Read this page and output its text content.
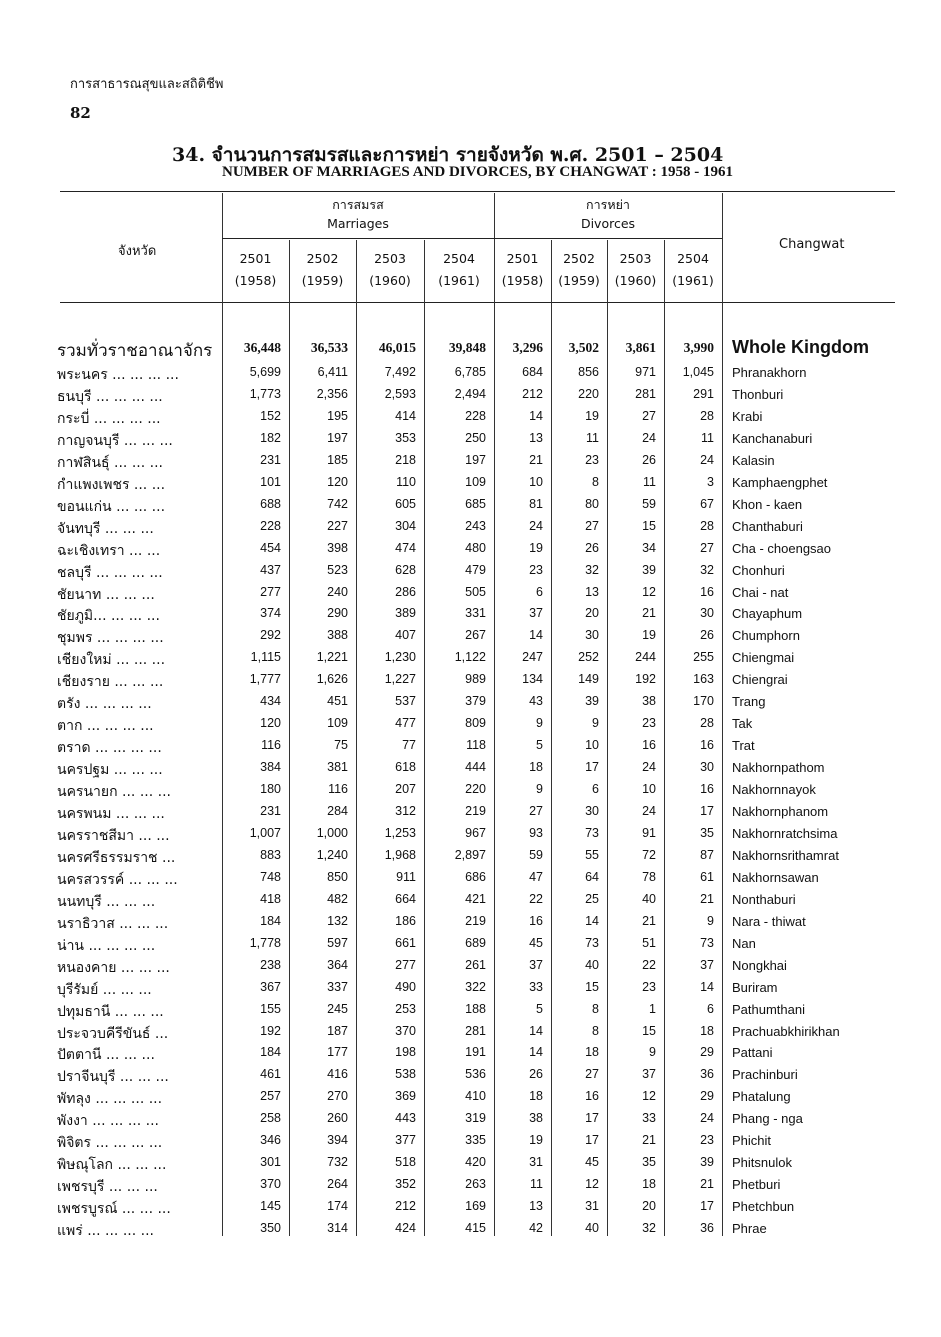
การสาธารณสุขและสถิติชีพ
82
34. จำนวนการสมรสและการหย่า รายจังหวัด พ.ศ. 2501 – 2504
NUMBER OF MARRIAGES AND DIVORCES, BY CHANGWAT : 1958 - 1961
จังหวัด	Changwat
การสมรส
Marriages
การหย่า
Divorces
2501
(1958)
2502
(1959)
2503
(1960)
2504
(1961)
2501
(1958)
2502
(1959)
2503
(1960)
2504
(1961)
รวมทั่วราชอาณาจักร	36,448	36,533	46,015	39,848	3,296	3,502	3,861	3,990 Whole Kingdom
พระนคร ... ... ... ...	5,699	6,411	7,492	6,785	684	856	971	1,045 Phranakhorn
ธนบุรี ... ... ... ...	1,773	2,356	2,593	2,494	212	220	281	291 Thonburi
กระบี่ ... ... ... ...	152	195	414	228	14	19	27	28 Krabi
กาญจนบุรี ... ... ...	182	197	353	250	13	11	24	11 Kanchanaburi
กาฬสินธุ์ ... ... ...	231	185	218	197	21	23	26	24 Kalasin
กำแพงเพชร ... ...	101	120	110	109	10	8	11	3 Kamphaengphet
ขอนแก่น ... ... ...	688	742	605	685	81	80	59	67 Khon - kaen
จันทบุรี ... ... ...	228	227	304	243	24	27	15	28 Chanthaburi
ฉะเชิงเทรา ... ...	454	398	474	480	19	26	34	27 Cha - choengsao
ชลบุรี ... ... ... ...	437	523	628	479	23	32	39	32 Chonhuri
ชัยนาท ... ... ...	277	240	286	505	6	13	12	16 Chai - nat
ชัยภูมิ... ... ... ...	374	290	389	331	37	20	21	30 Chayaphum
ชุมพร ... ... ... ...	292	388	407	267	14	30	19	26 Chumphorn
เชียงใหม่ ... ... ...	1,115	1,221	1,230	1,122	247	252	244	255 Chiengmai
เชียงราย ... ... ...	1,777	1,626	1,227	989	134	149	192	163 Chiengrai
ตรัง ... ... ... ...	434	451	537	379	43	39	38	170 Trang
ตาก ... ... ... ...	120	109	477	809	9	9	23	28 Tak
ตราด ... ... ... ...	116	75	77	118	5	10	16	16 Trat
นครปฐม ... ... ...	384	381	618	444	18	17	24	30 Nakhornpathom
นครนายก ... ... ...	180	116	207	220	9	6	10	16 Nakhornnayok
นครพนม ... ... ...	231	284	312	219	27	30	24	17 Nakhornphanom
นครราชสีมา ... ...	1,007	1,000	1,253	967	93	73	91	35 Nakhornratchsima
นครศรีธรรมราช ...	883	1,240	1,968	2,897	59	55	72	87 Nakhornsrithamrat
นครสวรรค์ ... ... ...	748	850	911	686	47	64	78	61 Nakhornsawan
นนทบุรี ... ... ...	418	482	664	421	22	25	40	21 Nonthaburi
นราธิวาส ... ... ...	184	132	186	219	16	14	21	9 Nara - thiwat
น่าน ... ... ... ...	1,778	597	661	689	45	73	51	73 Nan
หนองคาย ... ... ...	238	364	277	261	37	40	22	37 Nongkhai
บุรีรัมย์ ... ... ...	367	337	490	322	33	15	23	14 Buriram
ปทุมธานี ... ... ...	155	245	253	188	5	8	1	6 Pathumthani
ประจวบคีรีขันธ์ ...	192	187	370	281	14	8	15	18 Prachuabkhirikhan
ปัตตานี ... ... ...	184	177	198	191	14	18	9	29 Pattani
ปราจีนบุรี ... ... ...	461	416	538	536	26	27	37	36 Prachinburi
พัทลุง ... ... ... ...	257	270	369	410	18	16	12	29 Phatalung
พังงา ... ... ... ...	258	260	443	319	38	17	33	24 Phang - nga
พิจิตร ... ... ... ...	346	394	377	335	19	17	21	23 Phichit
พิษณุโลก ... ... ...	301	732	518	420	31	45	35	39 Phitsnulok
เพชรบุรี ... ... ...	370	264	352	263	11	12	18	21 Phetburi
เพชรบูรณ์ ... ... ...	145	174	212	169	13	31	20	17 Phetchbun
แพร่ ... ... ... ...	350	314	424	415	42	40	32	36 Phrae
